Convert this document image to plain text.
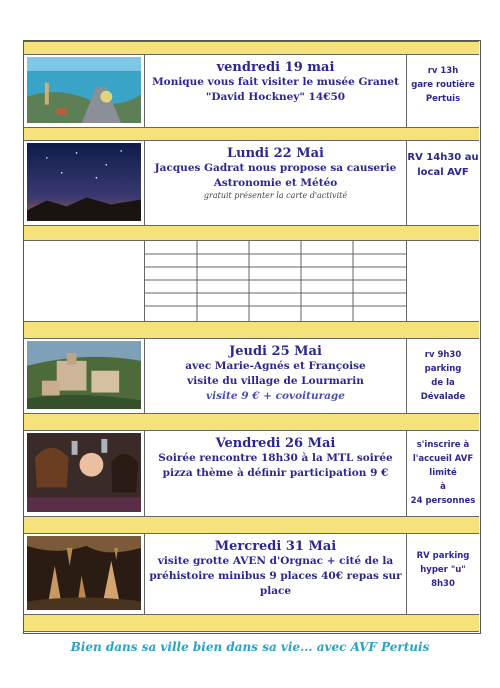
vendredi 19 mai
Monique vous fait visiter le musée Granet
"David Hockney" 14€50
rv 13h
gare routière
Pertuis
Lundi 22 Mai
Jacques Gadrat nous propose sa causerie
Astronomie et Météo
gratuit présenter la carte d'activité
RV 14h30 au
local AVF
Jeudi 25 Mai
avec Marie-Agnés et Françoise
visite du village de Lourmarin
visite 9 € + covoiturage
rv 9h30
parking
de la
Dévalade
Vendredi 26 Mai
Soirée rencontre 18h30 à la MTL soirée
pizza thème à définir participation 9 €
s'inscrire à
l'accueil AVF
limité
à
24 personnes
Mercredi 31 Mai
visite grotte AVEN d'Orgnac + cité de la
préhistoire minibus 9 places 40€ repas sur
place
RV parking
hyper "u" 8h30
Bien dans sa ville bien dans sa vie... avec AVF Pertuis
